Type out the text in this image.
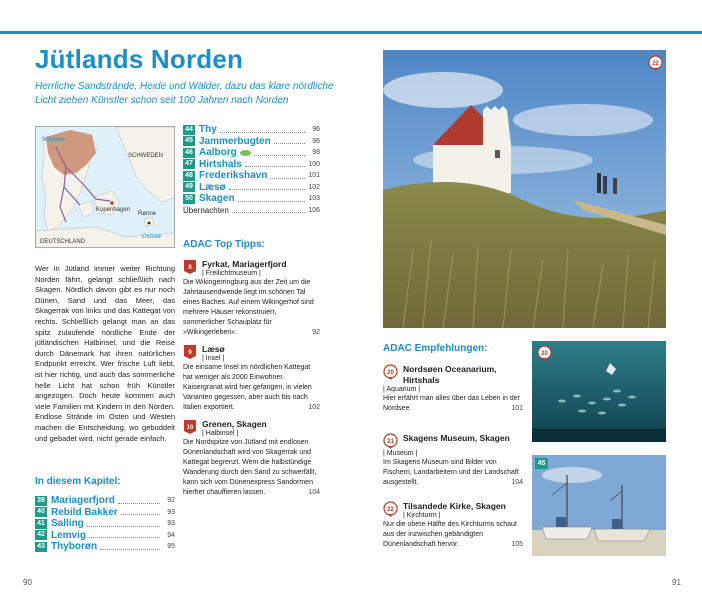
Jütlands Norden

Herrliche Sandstrände, Heide und Wälder, dazu das klare nördliche Licht ziehen Künstler schon seit 100 Jahren nach Norden

Nordsee
SCHWEDEN
Kopenhagen
Rønne
Ostsee
DEUTSCHLAND
44 Thy	96
45 Jammerbugten	96
46 Aalborg	98
47 Hirtshals	100
48 Frederikshavn	101
49 Læsø	102
50 Skagen	103
Übernachten	106
ADAC Top Tipps:
8 Fyrkat, Mariagerfjord
| Freilichtmuseum |
Die Wikingerringburg aus der Zeit um die Jahrtausendwende liegt im schönen Tal eines Baches. Auf einem Wikingerhof sind mehrere Häuser rekonstruiert, sommerlicher Schauplatz für »Wikingerleben«.	92
9 Læsø
| Insel |
Die einsame Insel im nördlichen Kattegat hat weniger als 2000 Einwohner. Kaisergranat wird hier gefangen, in vielen Varianten gegessen, aber auch bis nach Italien exportiert.	102
10 Grenen, Skagen
| Halbinsel |
Die Nordspitze von Jütland mit endlosen Dünenlandschaft wird von Skagerrak und Kattegat begrenzt. Wem die halbstündige Wanderung durch den Sand zu schwerfällt, kann sich vom Dünenexpress Sandormen hierher chauffieren lassen.	104

Wer in Jütland immer weiter Richtung Norden fährt, gelangt schließlich nach Skagen. Nördlich davon gibt es nur noch Dünen, Sand und das Meer, das Skagerrak von links und das Kattegat von rechts. Schließlich gelangt man an das spitz zulaufende nördliche Ende der jütländischen Halbinsel, und die Reise durch Dänemark hat ihren natürlichen Endpunkt erreicht. Wer frische Luft liebt, ist hier richtig, und auch das sommerliche helle Licht hat schon früh Künstler angezogen. Doch heute kommen auch viele Familien mit Kindern in den Norden. Endlose Strände im Osten und Westen machen die Entscheidung, wo gebuddelt und gebadet wird, nicht gerade einfach.

In diesem Kapitel:
39 Mariagerfjord	92
40 Rebild Bakker	93
41 Salling	93
42 Lemvig	94
43 Thyborøn	95
90	91
22
ADAC Empfehlungen:
20 Nordsøen Oceanarium, Hirtshals
| Aquarium |
Hier erfährt man alles über das Leben in der Nordsee	101
21 Skagens Museum, Skagen
| Museum |
Im Skagens Museum sind Bilder von Fischern, Landarbeitern und der Landschaft ausgestellt.	104
22 Tilsandede Kirke, Skagen
| Kirchturm |
Nur die obere Hälfte des Kirchturms schaut aus der inzwischen gebändigten Dünenlandschaft hervor.	105
20
45
